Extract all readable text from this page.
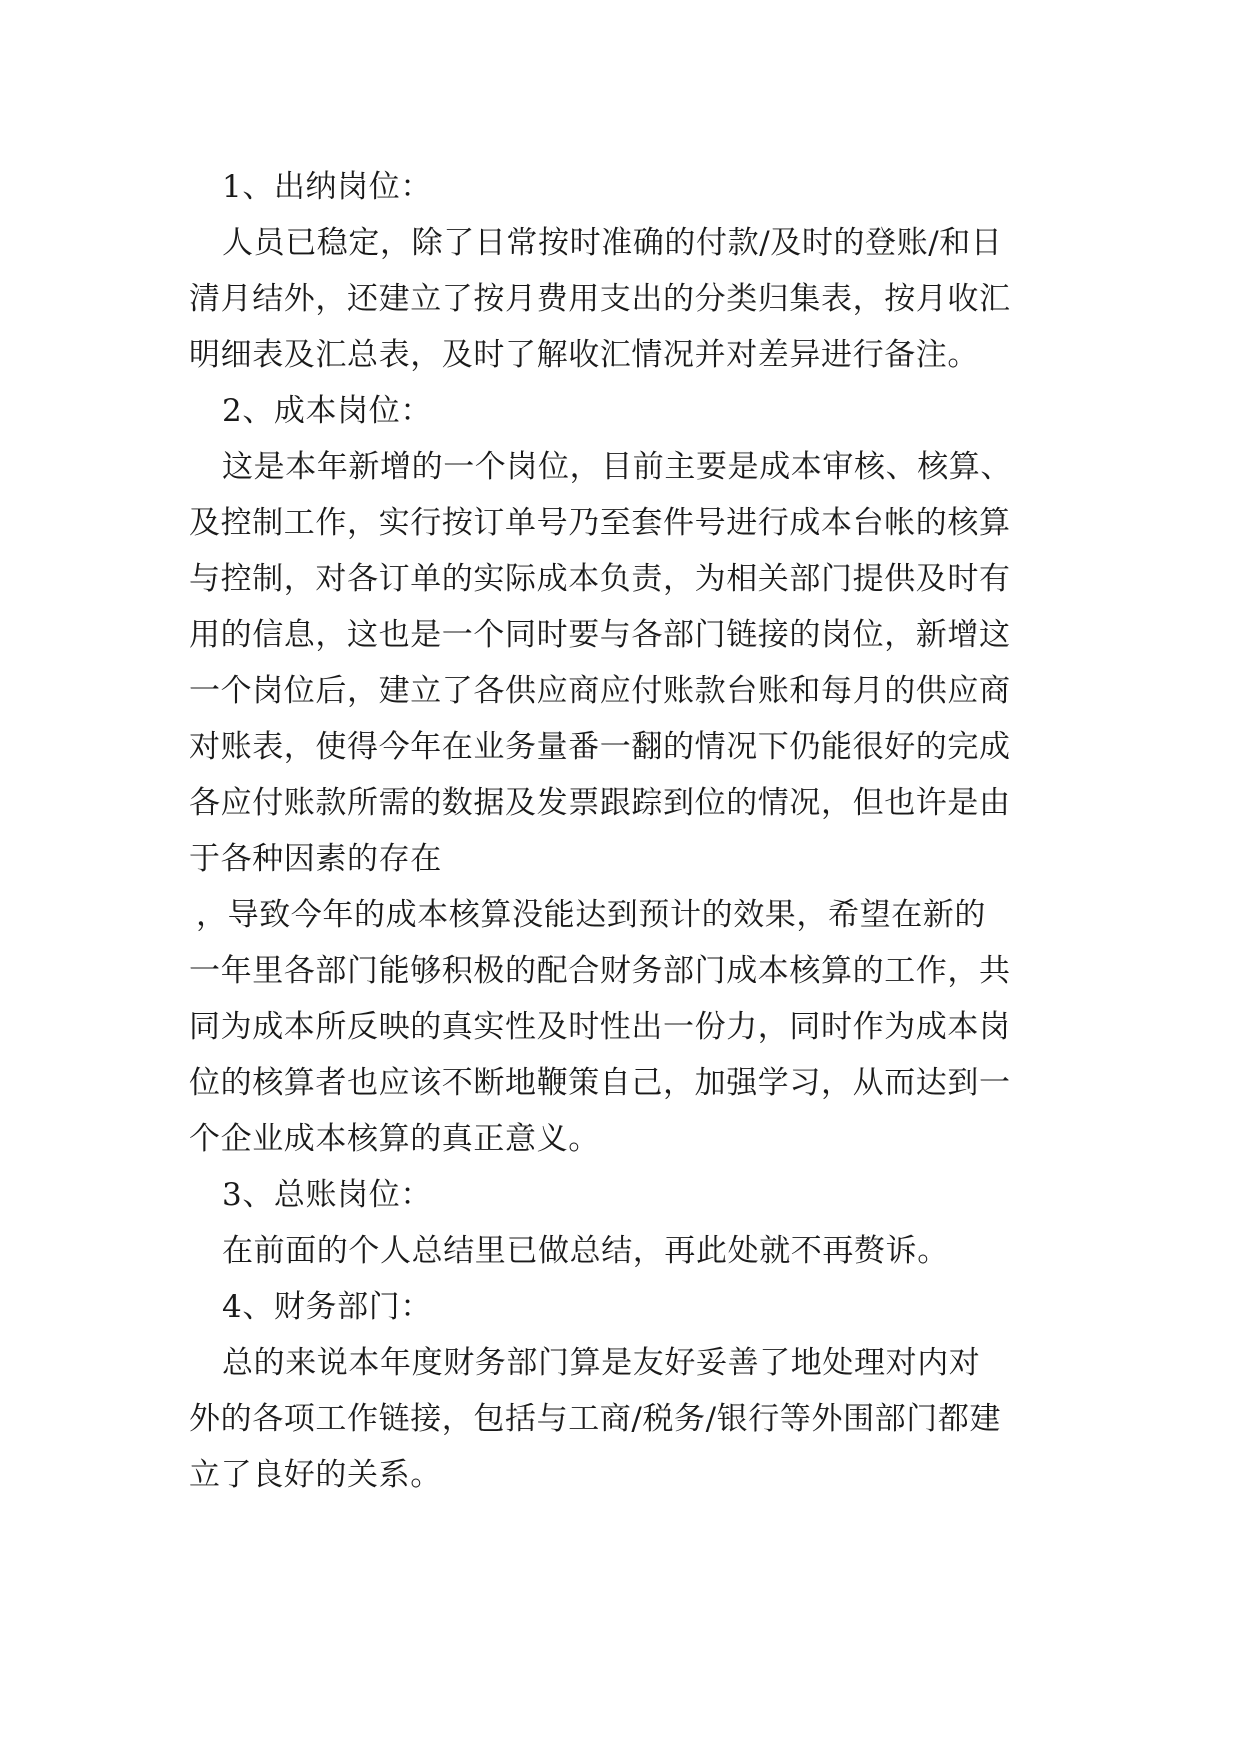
1、出纳岗位：
人员已稳定，除了日常按时准确的付款/及时的登账/和日
清月结外，还建立了按月费用支出的分类归集表，按月收汇
明细表及汇总表，及时了解收汇情况并对差异进行备注。
2、成本岗位：
这是本年新增的一个岗位，目前主要是成本审核、核算、
及控制工作，实行按订单号乃至套件号进行成本台帐的核算
与控制，对各订单的实际成本负责，为相关部门提供及时有
用的信息，这也是一个同时要与各部门链接的岗位，新增这
一个岗位后，建立了各供应商应付账款台账和每月的供应商
对账表，使得今年在业务量番一翻的情况下仍能很好的完成
各应付账款所需的数据及发票跟踪到位的情况，但也许是由
于各种因素的存在
，导致今年的成本核算没能达到预计的效果，希望在新的
一年里各部门能够积极的配合财务部门成本核算的工作，共
同为成本所反映的真实性及时性出一份力，同时作为成本岗
位的核算者也应该不断地鞭策自己，加强学习，从而达到一
个企业成本核算的真正意义。
3、总账岗位：
在前面的个人总结里已做总结，再此处就不再赘诉。
4、财务部门：
总的来说本年度财务部门算是友好妥善了地处理对内对
外的各项工作链接，包括与工商/税务/银行等外围部门都建
立了良好的关系。
